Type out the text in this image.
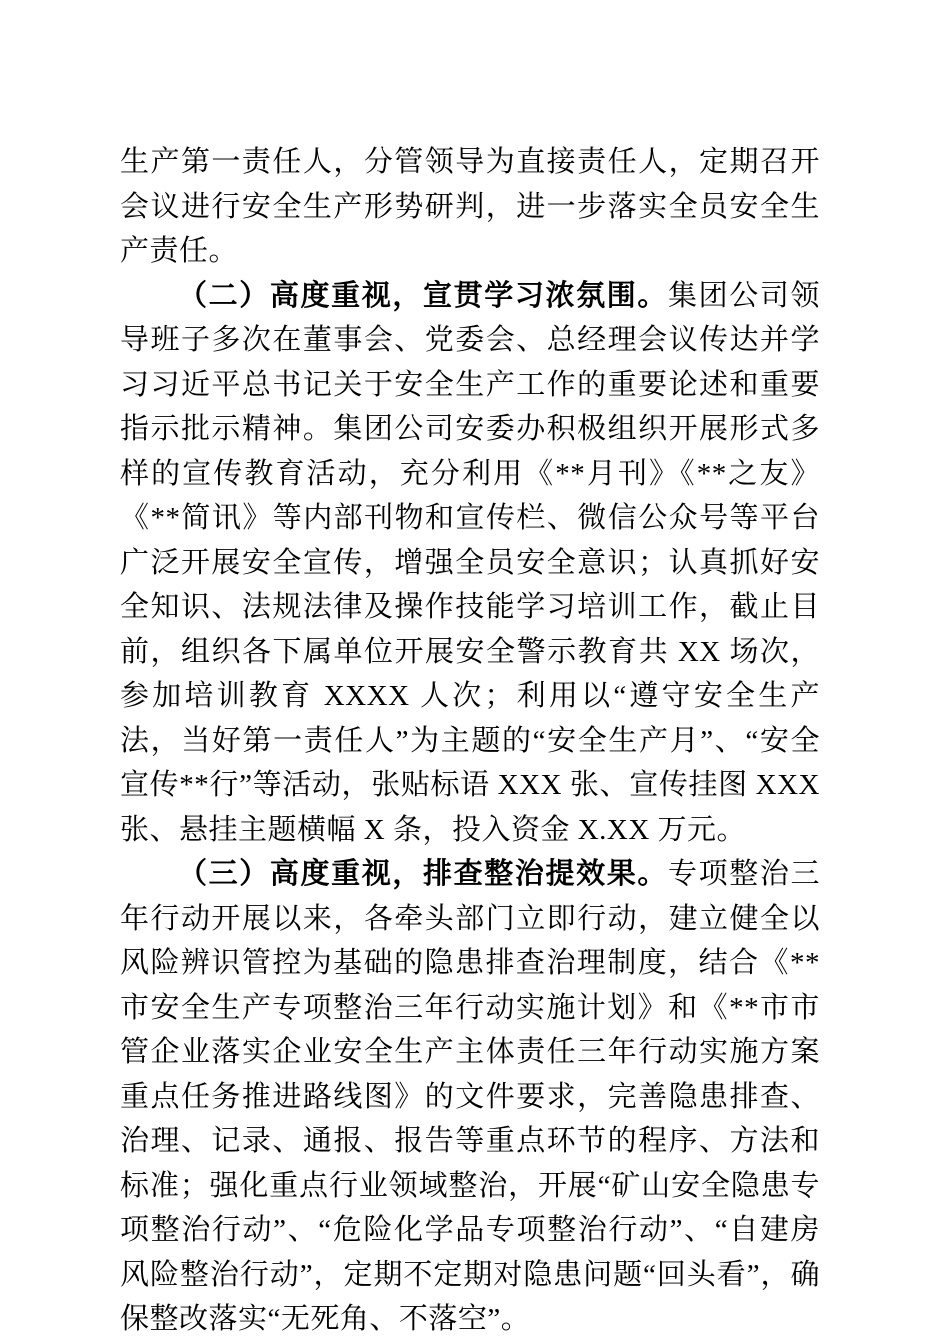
生产第一责任人，分管领导为直接责任人，定期召开会议进行安全生产形势研判，进一步落实全员安全生产责任。

（二）高度重视，宣贯学习浓氛围。集团公司领导班子多次在董事会、党委会、总经理会议传达并学习习近平总书记关于安全生产工作的重要论述和重要指示批示精神。集团公司安委办积极组织开展形式多样的宣传教育活动，充分利用《**月刊》《**之友》《**简讯》等内部刊物和宣传栏、微信公众号等平台广泛开展安全宣传，增强全员安全意识；认真抓好安全知识、法规法律及操作技能学习培训工作，截止目前，组织各下属单位开展安全警示教育共 XX 场次，参加培训教育 XXXX 人次；利用以“遵守安全生产法，当好第一责任人”为主题的“安全生产月”、“安全宣传**行”等活动，张贴标语 XXX 张、宣传挂图 XXX 张、悬挂主题横幅 X 条，投入资金 X.XX 万元。

（三）高度重视，排查整治提效果。专项整治三年行动开展以来，各牵头部门立即行动，建立健全以风险辨识管控为基础的隐患排查治理制度，结合《**市安全生产专项整治三年行动实施计划》和《**市市管企业落实企业安全生产主体责任三年行动实施方案重点任务推进路线图》的文件要求，完善隐患排查、治理、记录、通报、报告等重点环节的程序、方法和标准；强化重点行业领域整治，开展“矿山安全隐患专项整治行动”、“危险化学品专项整治行动”、“自建房风险整治行动”，定期不定期对隐患问题“回头看”，确保整改落实“无死角、不落空”。
